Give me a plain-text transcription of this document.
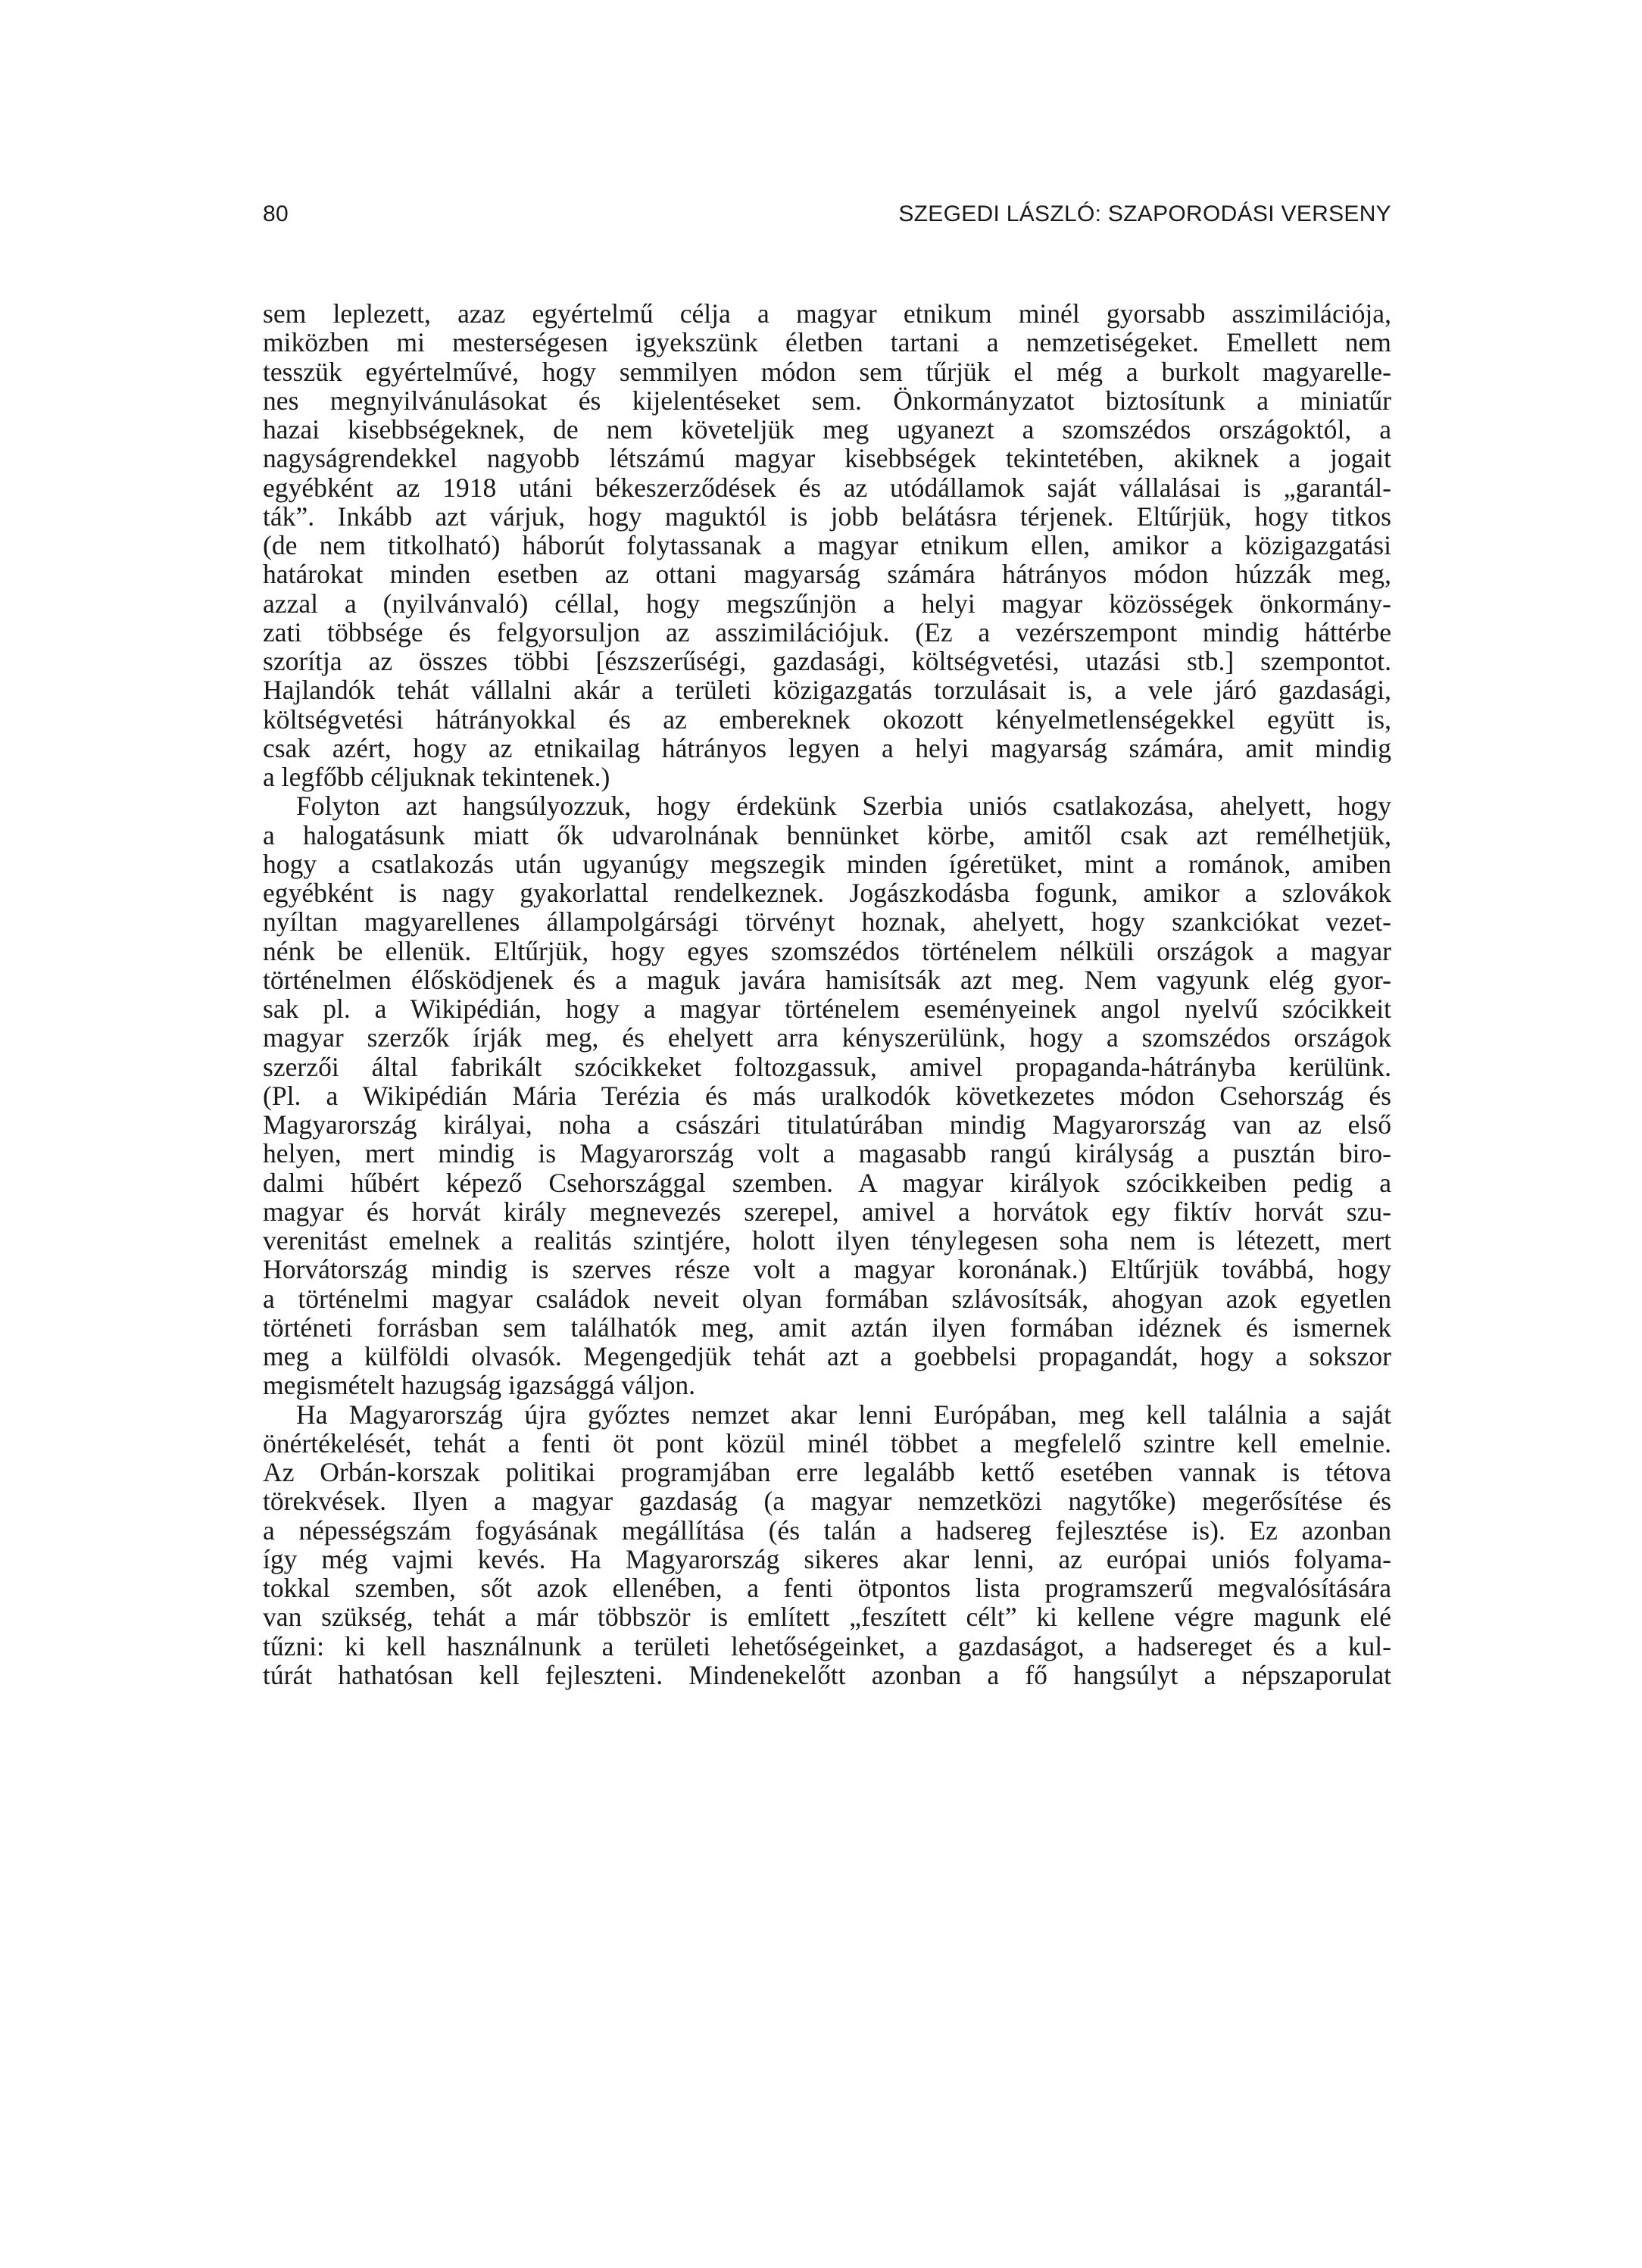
80	SZEGEDI LÁSZLÓ: SZAPORODÁSI VERSENY
sem leplezett, azaz egyértelmű célja a magyar etnikum minél gyorsabb asszimilációja,
miközben mi mesterségesen igyekszünk életben tartani a nemzetiségeket. Emellett nem
tesszük egyértelművé, hogy semmilyen módon sem tűrjük el még a burkolt magyarelle-
nes megnyilvánulásokat és kijelentéseket sem. Önkormányzatot biztosítunk a miniatűr
hazai kisebbségeknek, de nem követeljük meg ugyanezt a szomszédos országoktól, a
nagyságrendekkel nagyobb létszámú magyar kisebbségek tekintetében, akiknek a jogait
egyébként az 1918 utáni békeszerződések és az utódállamok saját vállalásai is „garantál-
ták”. Inkább azt várjuk, hogy maguktól is jobb belátásra térjenek. Eltűrjük, hogy titkos
(de nem titkolható) háborút folytassanak a magyar etnikum ellen, amikor a közigazgatási
határokat minden esetben az ottani magyarság számára hátrányos módon húzzák meg,
azzal a (nyilvánvaló) céllal, hogy megszűnjön a helyi magyar közösségek önkormány-
zati többsége és felgyorsuljon az asszimilációjuk. (Ez a vezérszempont mindig háttérbe
szorítja az összes többi [észszerűségi, gazdasági, költségvetési, utazási stb.] szempontot.
Hajlandók tehát vállalni akár a területi közigazgatás torzulásait is, a vele járó gazdasági,
költségvetési hátrányokkal és az embereknek okozott kényelmetlenségekkel együtt is,
csak azért, hogy az etnikailag hátrányos legyen a helyi magyarság számára, amit mindig
a legfőbb céljuknak tekintenek.)
Folyton azt hangsúlyozzuk, hogy érdekünk Szerbia uniós csatlakozása, ahelyett, hogy
a halogatásunk miatt ők udvarolnának bennünket körbe, amitől csak azt remélhetjük,
hogy a csatlakozás után ugyanúgy megszegik minden ígéretüket, mint a románok, amiben
egyébként is nagy gyakorlattal rendelkeznek. Jogászkodásba fogunk, amikor a szlovákok
nyíltan magyarellenes állampolgársági törvényt hoznak, ahelyett, hogy szankciókat vezet-
nénk be ellenük. Eltűrjük, hogy egyes szomszédos történelem nélküli országok a magyar
történelmen élősködjenek és a maguk javára hamisítsák azt meg. Nem vagyunk elég gyor-
sak pl. a Wikipédián, hogy a magyar történelem eseményeinek angol nyelvű szócikkeit
magyar szerzők írják meg, és ehelyett arra kényszerülünk, hogy a szomszédos országok
szerzői által fabrikált szócikkeket foltozgassuk, amivel propaganda-hátrányba kerülünk.
(Pl. a Wikipédián Mária Terézia és más uralkodók következetes módon Csehország és
Magyarország királyai, noha a császári titulatúrában mindig Magyarország van az első
helyen, mert mindig is Magyarország volt a magasabb rangú királyság a pusztán biro-
dalmi hűbért képező Csehországgal szemben. A magyar királyok szócikkeiben pedig a
magyar és horvát király megnevezés szerepel, amivel a horvátok egy fiktív horvát szu-
verenitást emelnek a realitás szintjére, holott ilyen ténylegesen soha nem is létezett, mert
Horvátország mindig is szerves része volt a magyar koronának.) Eltűrjük továbbá, hogy
a történelmi magyar családok neveit olyan formában szlávosítsák, ahogyan azok egyetlen
történeti forrásban sem találhatók meg, amit aztán ilyen formában idéznek és ismernek
meg a külföldi olvasók. Megengedjük tehát azt a goebbelsi propagandát, hogy a sokszor
megismételt hazugság igazsággá váljon.
Ha Magyarország újra győztes nemzet akar lenni Európában, meg kell találnia a saját
önértékelését, tehát a fenti öt pont közül minél többet a megfelelő szintre kell emelnie.
Az Orbán-korszak politikai programjában erre legalább kettő esetében vannak is tétova
törekvések. Ilyen a magyar gazdaság (a magyar nemzetközi nagytőke) megerősítése és
a népességszám fogyásának megállítása (és talán a hadsereg fejlesztése is). Ez azonban
így még vajmi kevés. Ha Magyarország sikeres akar lenni, az európai uniós folyama-
tokkal szemben, sőt azok ellenében, a fenti ötpontos lista programszerű megvalósítására
van szükség, tehát a már többször is említett „feszített célt” ki kellene végre magunk elé
tűzni: ki kell használnunk a területi lehetőségeinket, a gazdaságot, a hadsereget és a kul-
túrát hathatósan kell fejleszteni. Mindenekelőtt azonban a fő hangsúlyt a népszaporulat
